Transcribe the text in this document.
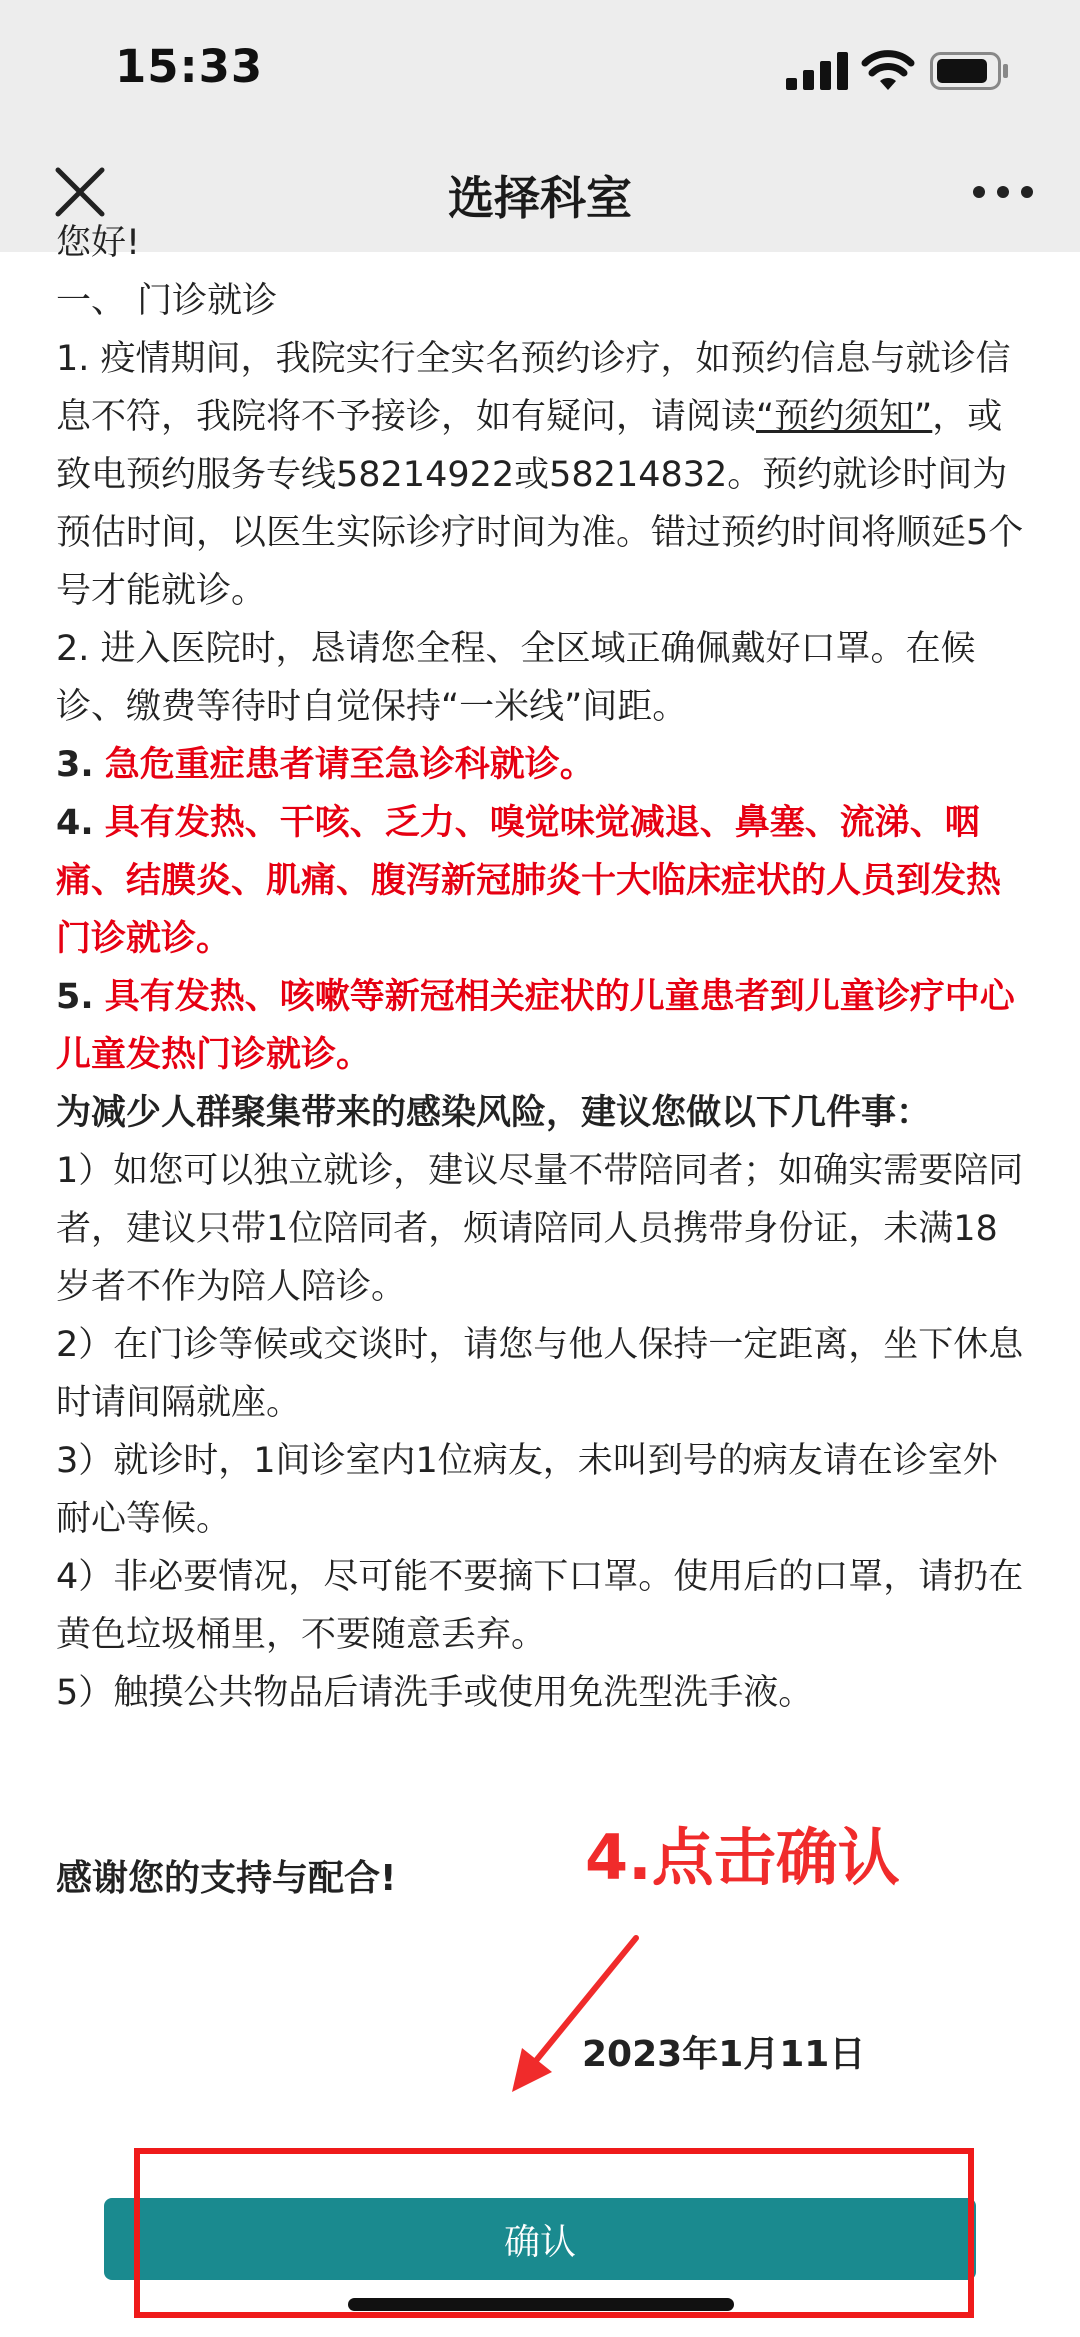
15:33
选择科室
您好!

一、 门诊就诊

1. 疫情期间，我院实行全实名预约诊疗，如预约信息与就诊信息不符，我院将不予接诊，如有疑问，请阅读“预约须知”，或致电预约服务专线58214922或58214832。预约就诊时间为预估时间，以医生实际诊疗时间为准。错过预约时间将顺延5个号才能就诊。

2. 进入医院时，恳请您全程、全区域正确佩戴好口罩。在候诊、缴费等待时自觉保持“一米线”间距。

3. 急危重症患者请至急诊科就诊。

4. 具有发热、干咳、乏力、嗅觉味觉减退、鼻塞、流涕、咽痛、结膜炎、肌痛、腹泻新冠肺炎十大临床症状的人员到发热门诊就诊。

5. 具有发热、咳嗽等新冠相关症状的儿童患者到儿童诊疗中心儿童发热门诊就诊。

为减少人群聚集带来的感染风险，建议您做以下几件事：

1）如您可以独立就诊，建议尽量不带陪同者；如确实需要陪同者，建议只带1位陪同者，烦请陪同人员携带身份证，未满18岁者不作为陪人陪诊。

2）在门诊等候或交谈时，请您与他人保持一定距离，坐下休息时请间隔就座。

3）就诊时，1间诊室内1位病友，未叫到号的病友请在诊室外耐心等候。

4）非必要情况，尽可能不要摘下口罩。使用后的口罩，请扔在黄色垃圾桶里，不要随意丢弃。

5）触摸公共物品后请洗手或使用免洗型洗手液。

感谢您的支持与配合!
2023年1月11日
4.点击确认
确认
